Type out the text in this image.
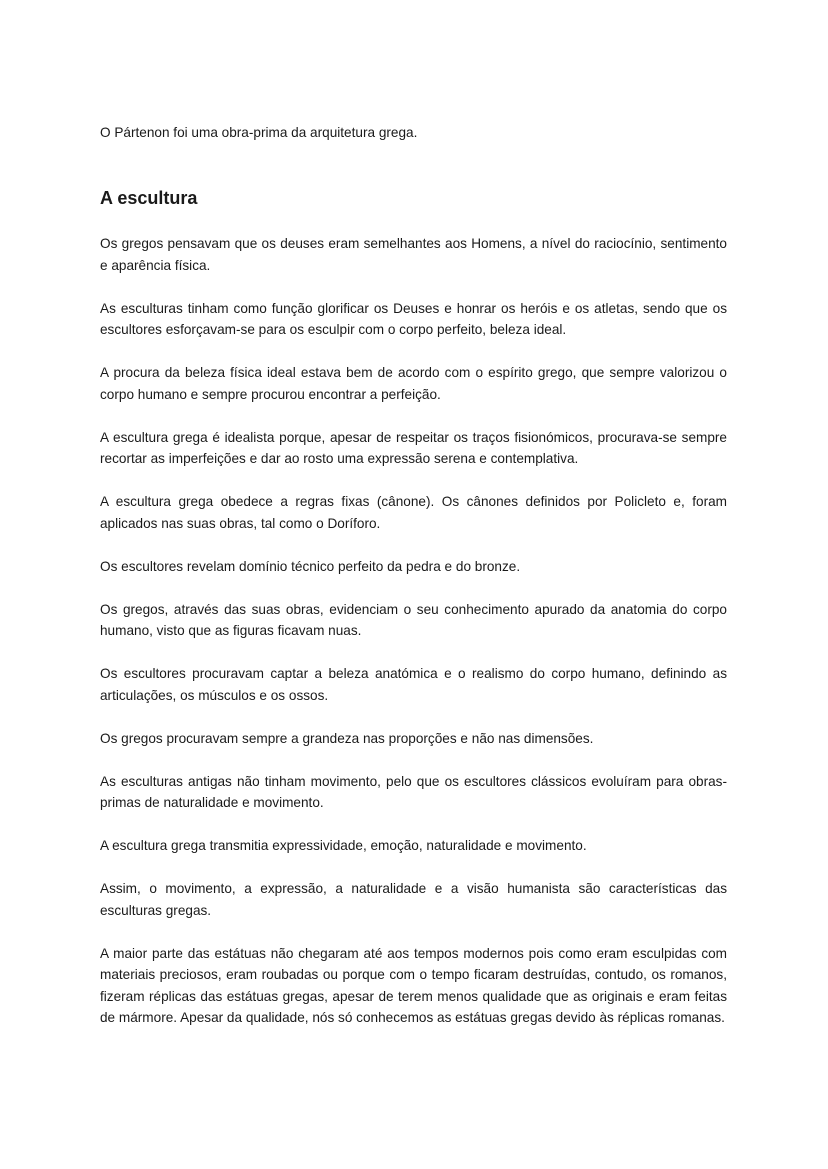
O Pártenon foi uma obra-prima da arquitetura grega.

A escultura

Os gregos pensavam que os deuses eram semelhantes aos Homens, a nível do raciocínio, sentimento e aparência física.

As esculturas tinham como função glorificar os Deuses e honrar os heróis e os atletas, sendo que os escultores esforçavam-se para os esculpir com o corpo perfeito, beleza ideal.

A procura da beleza física ideal estava bem de acordo com o espírito grego, que sempre valorizou o corpo humano e sempre procurou encontrar a perfeição.

A escultura grega é idealista porque, apesar de respeitar os traços fisionómicos, procurava-se sempre recortar as imperfeições e dar ao rosto uma expressão serena e contemplativa.

A escultura grega obedece a regras fixas (cânone). Os cânones definidos por Policleto e, foram aplicados nas suas obras, tal como o Doríforo.

Os escultores revelam domínio técnico perfeito da pedra e do bronze.

Os gregos, através das suas obras, evidenciam o seu conhecimento apurado da anatomia do corpo humano, visto que as figuras ficavam nuas.

Os escultores procuravam captar a beleza anatómica e o realismo do corpo humano, definindo as articulações, os músculos e os ossos.

Os gregos procuravam sempre a grandeza nas proporções e não nas dimensões.

As esculturas antigas não tinham movimento, pelo que os escultores clássicos evoluíram para obras-primas de naturalidade e movimento.

A escultura grega transmitia expressividade, emoção, naturalidade e movimento.

Assim, o movimento, a expressão, a naturalidade e a visão humanista são características das esculturas gregas.

A maior parte das estátuas não chegaram até aos tempos modernos pois como eram esculpidas com materiais preciosos, eram roubadas ou porque com o tempo ficaram destruídas, contudo, os romanos, fizeram réplicas das estátuas gregas, apesar de terem menos qualidade que as originais e eram feitas de mármore. Apesar da qualidade, nós só conhecemos as estátuas gregas devido às réplicas romanas.
